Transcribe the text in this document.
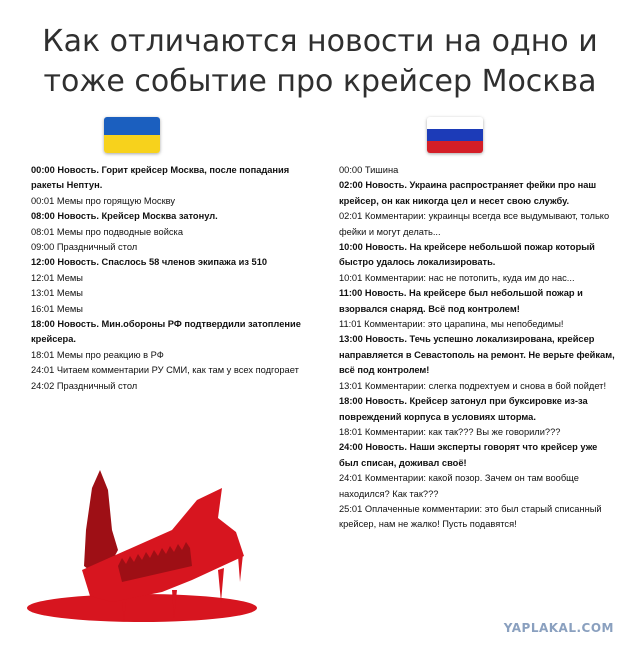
Как отличаются новости на одно и
тоже событие про крейсер Москва

00:00 Новость. Горит крейсер Москва, после попадания ракеты Нептун.

00:01 Мемы про горящую Москву

08:00 Новость. Крейсер Москва затонул.

08:01 Мемы про подводные войска

09:00 Праздничный стол

12:00 Новость. Спаслось 58 членов экипажа из 510

12:01 Мемы

13:01 Мемы

16:01 Мемы

18:00 Новость. Мин.обороны РФ подтвердили затопление крейсера.

18:01 Мемы про реакцию в РФ

24:01 Читаем комментарии РУ СМИ, как там у всех подгорает

24:02 Праздничный стол

00:00 Тишина

02:00 Новость. Украина распространяет фейки про наш крейсер, он как никогда цел и несет свою службу.

02:01 Комментарии: украинцы всегда все выдумывают, только фейки и могут делать...

10:00 Новость. На крейсере небольшой пожар который быстро удалось локализировать.

10:01 Комментарии: нас не потопить, куда им до нас...

11:00 Новость. На крейсере был небольшой пожар и взорвался снаряд. Всё под контролем!

11:01 Комментарии: это царапина, мы непобедимы!

13:00 Новость. Течь успешно локализирована, крейсер направляется в Севастополь на ремонт. Не верьте фейкам, всё под контролем!

13:01 Комментарии: слегка подрехтуем и снова в бой пойдет!

18:00 Новость. Крейсер затонул при буксировке из-за повреждений корпуса в условиях шторма.

18:01 Комментарии: как так??? Вы же говорили???

24:00 Новость. Наши эксперты говорят что крейсер уже был списан, доживал своё!

24:01 Комментарии: какой позор. Зачем он там вообще находился? Как так???

25:01 Оплаченные комментарии: это был старый списанный крейсер, нам не жалко! Пусть подавятся!

YAPLAKAL.COM
